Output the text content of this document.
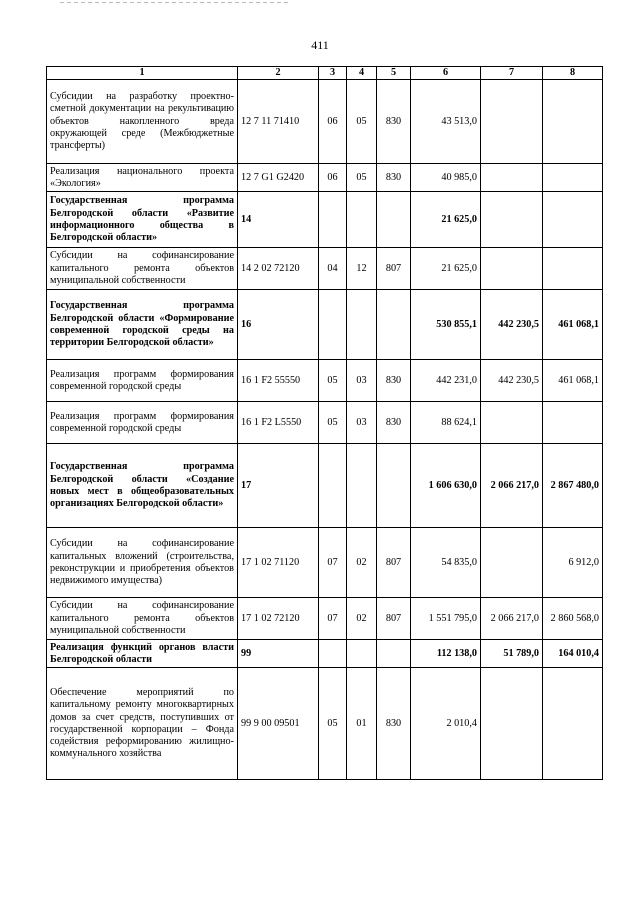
411
1	2	3	4	5	6	7	8
Субсидии на разработку проектно-сметной документации на рекультивацию объектов накопленного вреда окружающей среде (Межбюджетные трансферты)	12 7 11 71410	06	05	830	43 513,0		
Реализация национального проекта «Экология»	12 7 G1 G2420	06	05	830	40 985,0		
Государственная программа Белгородской области «Развитие информационного общества в Белгородской области»	14				21 625,0		
Субсидии на софинансирование капитального ремонта объектов муниципальной собственности	14 2 02 72120	04	12	807	21 625,0		
Государственная программа Белгородской области «Формирование современной городской среды на территории Белгородской области»	16				530 855,1	442 230,5	461 068,1
Реализация программ формирования современной городской среды	16 1 F2 55550	05	03	830	442 231,0	442 230,5	461 068,1
Реализация программ формирования современной городской среды	16 1 F2 L5550	05	03	830	88 624,1		
Государственная программа Белгородской области «Создание новых мест в общеобразовательных организациях Белгородской области»	17				1 606 630,0	2 066 217,0	2 867 480,0
Субсидии на софинансирование капитальных вложений (строительства, реконструкции и приобретения объектов недвижимого имущества)	17 1 02 71120	07	02	807	54 835,0		6 912,0
Субсидии на софинансирование капитального ремонта объектов муниципальной собственности	17 1 02 72120	07	02	807	1 551 795,0	2 066 217,0	2 860 568,0
Реализация функций органов власти Белгородской области	99				112 138,0	51 789,0	164 010,4
Обеспечение мероприятий по капитальному ремонту многоквартирных домов за счет средств, поступивших от государственной корпорации – Фонда содействия реформированию жилищно-коммунального хозяйства	99 9 00 09501	05	01	830	2 010,4		
